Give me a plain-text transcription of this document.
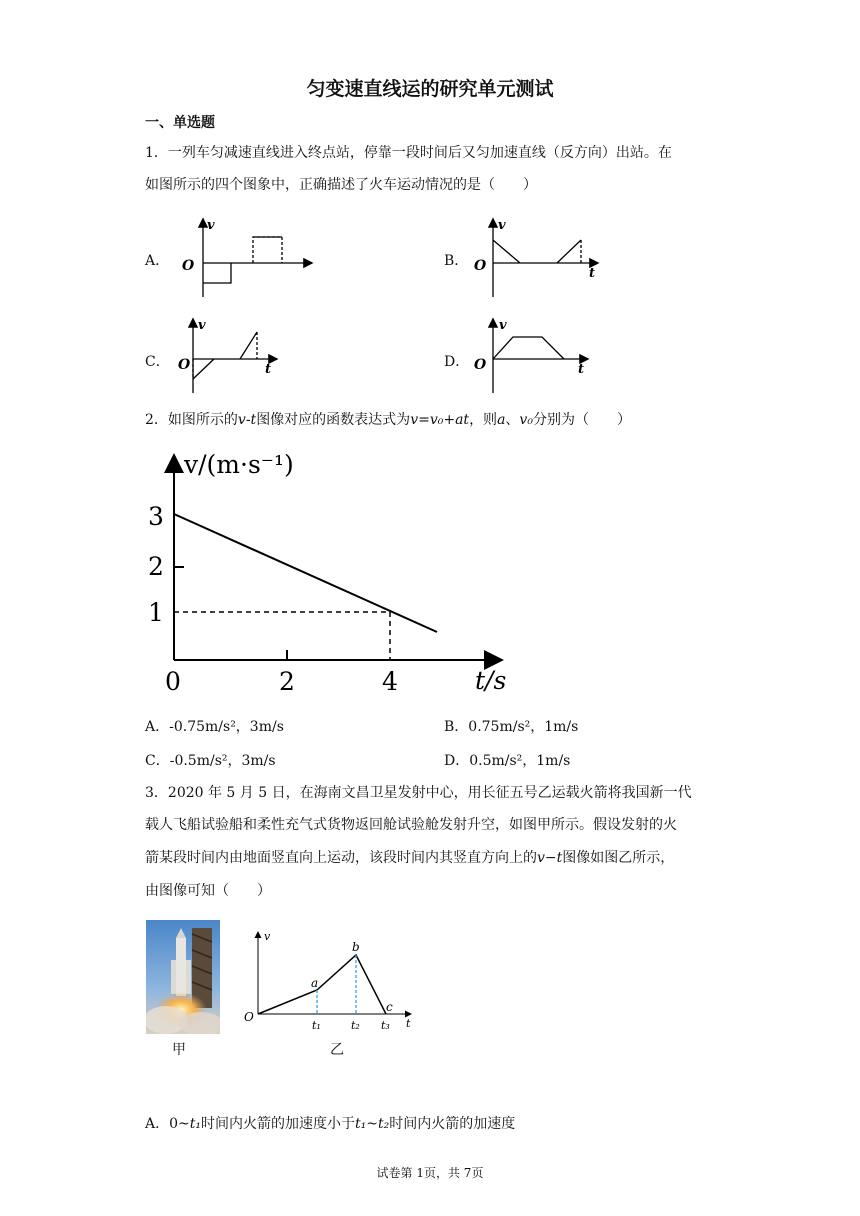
匀变速直线运的研究单元测试
一、单选题
1．一列车匀减速直线进入终点站，停靠一段时间后又匀加速直线（反方向）出站。在
如图所示的四个图象中，正确描述了火车运动情况的是（　　）
A．
v
O	B．
v
t
O
C．
v
t
O	D．
v
t
O
2．如图所示的v-t图像对应的函数表达式为v=v₀+at，则a、v₀分别为（　　）
v/(m·s⁻¹)
t/s
3
2
1
0	2	4
A．-0.75m/s²，3m/s	B．0.75m/s²，1m/s
C．-0.5m/s²，3m/s	D．0.5m/s²，1m/s
3．2020 年 5 月 5 日，在海南文昌卫星发射中心，用长征五号乙运载火箭将我国新一代
载人飞船试验船和柔性充气式货物返回舱试验舱发射升空，如图甲所示。假设发射的火
箭某段时间内由地面竖直向上运动，该段时间内其竖直方向上的v−t图像如图乙所示，
由图像可知（　　）
甲
v
t
O
a
b
c
t₁	t₂ t₃
乙
A．0~t₁时间内火箭的加速度小于t₁~t₂时间内火箭的加速度
试卷第 1页，共 7页
